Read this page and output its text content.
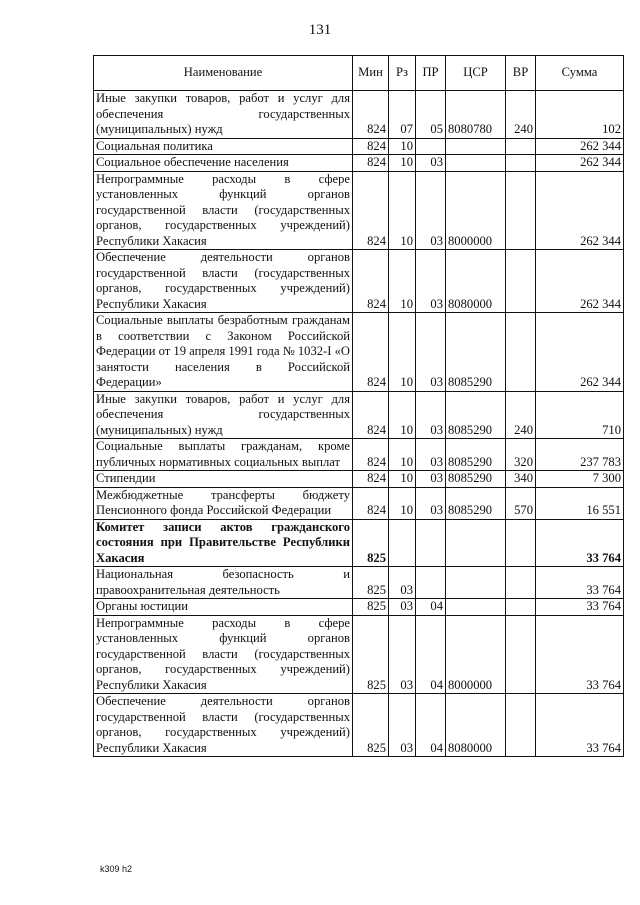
131
Наименование	Мин	Рз	ПР	ЦСР	ВР	Сумма
Иные закупки товаров, работ и услуг для обеспечения государственных (муниципальных) нужд	824	07	05	8080780	240	102
Социальная политика	824	10				262 344
Социальное обеспечение населения	824	10	03			262 344
Непрограммные расходы в сфере установленных функций органов государственной власти (государственных органов, государственных учреждений) Республики Хакасия	824	10	03	8000000		262 344
Обеспечение деятельности органов государственной власти (государственных органов, государственных учреждений) Республики Хакасия	824	10	03	8080000		262 344
Социальные выплаты безработным гражданам в соответствии с Законом Российской Федерации от 19 апреля 1991 года № 1032-I «О занятости населения в Российской Федерации»	824	10	03	8085290		262 344
Иные закупки товаров, работ и услуг для обеспечения государственных (муниципальных) нужд	824	10	03	8085290	240	710
Социальные выплаты гражданам, кроме публичных нормативных социальных выплат	824	10	03	8085290	320	237 783
Стипендии	824	10	03	8085290	340	7 300
Межбюджетные трансферты бюджету Пенсионного фонда Российской Федерации	824	10	03	8085290	570	16 551
Комитет записи актов гражданского состояния при Правительстве Республики Хакасия	825					33 764
Национальная безопасность и правоохранительная деятельность	825	03				33 764
Органы юстиции	825	03	04			33 764
Непрограммные расходы в сфере установленных функций органов государственной власти (государственных органов, государственных учреждений) Республики Хакасия	825	03	04	8000000		33 764
Обеспечение деятельности органов государственной власти (государственных органов, государственных учреждений) Республики Хакасия	825	03	04	8080000		33 764
k309 h2
